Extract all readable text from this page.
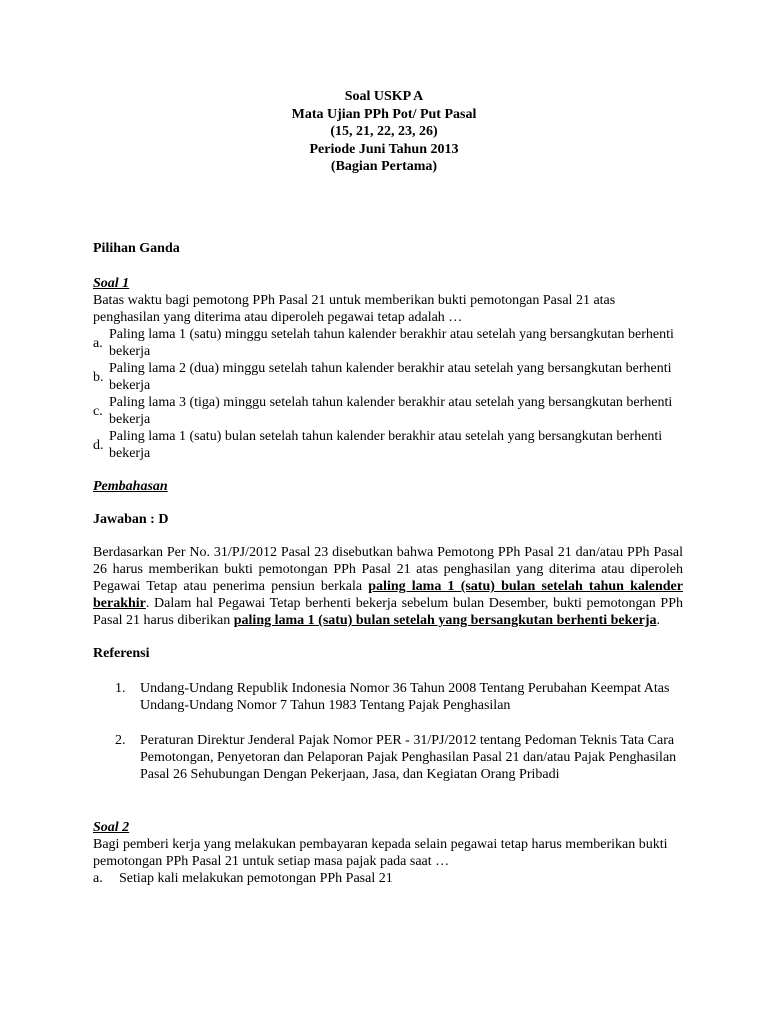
Soal USKP A
Mata Ujian PPh Pot/ Put Pasal
(15, 21, 22, 23, 26)
Periode Juni Tahun 2013
(Bagian Pertama)
Pilihan Ganda
Soal 1
Batas waktu bagi pemotong PPh Pasal 21 untuk memberikan bukti pemotongan Pasal 21 atas penghasilan yang diterima atau diperoleh pegawai tetap adalah …
a.
Paling lama 1 (satu) minggu setelah tahun kalender berakhir atau setelah yang bersangkutan berhenti bekerja
b.
Paling lama 2 (dua) minggu setelah tahun kalender berakhir atau setelah yang bersangkutan berhenti bekerja
c.
Paling lama 3 (tiga) minggu setelah tahun kalender berakhir atau setelah yang bersangkutan berhenti bekerja
d.
Paling lama 1 (satu) bulan setelah tahun kalender berakhir atau setelah yang bersangkutan berhenti bekerja
Pembahasan
Jawaban : D
Berdasarkan Per No. 31/PJ/2012 Pasal 23 disebutkan bahwa Pemotong PPh Pasal 21 dan/atau PPh Pasal 26 harus memberikan bukti pemotongan PPh Pasal 21 atas penghasilan yang diterima atau diperoleh Pegawai Tetap atau penerima pensiun berkala paling lama 1 (satu) bulan setelah tahun kalender berakhir. Dalam hal Pegawai Tetap berhenti bekerja sebelum bulan Desember, bukti pemotongan PPh Pasal 21 harus diberikan paling lama 1 (satu) bulan setelah yang bersangkutan berhenti bekerja.
Referensi
1.	Undang-Undang Republik Indonesia Nomor 36 Tahun 2008 Tentang Perubahan Keempat Atas Undang-Undang Nomor 7 Tahun 1983 Tentang Pajak Penghasilan
2.	Peraturan Direktur Jenderal Pajak Nomor PER - 31/PJ/2012 tentang Pedoman Teknis Tata Cara Pemotongan, Penyetoran dan Pelaporan Pajak Penghasilan Pasal 21 dan/atau Pajak Penghasilan Pasal 26 Sehubungan Dengan Pekerjaan, Jasa, dan Kegiatan Orang Pribadi
Soal 2
Bagi pemberi kerja yang melakukan pembayaran kepada selain pegawai tetap harus memberikan bukti pemotongan PPh Pasal 21 untuk setiap masa pajak pada saat …
a.	Setiap kali melakukan pemotongan PPh Pasal 21
